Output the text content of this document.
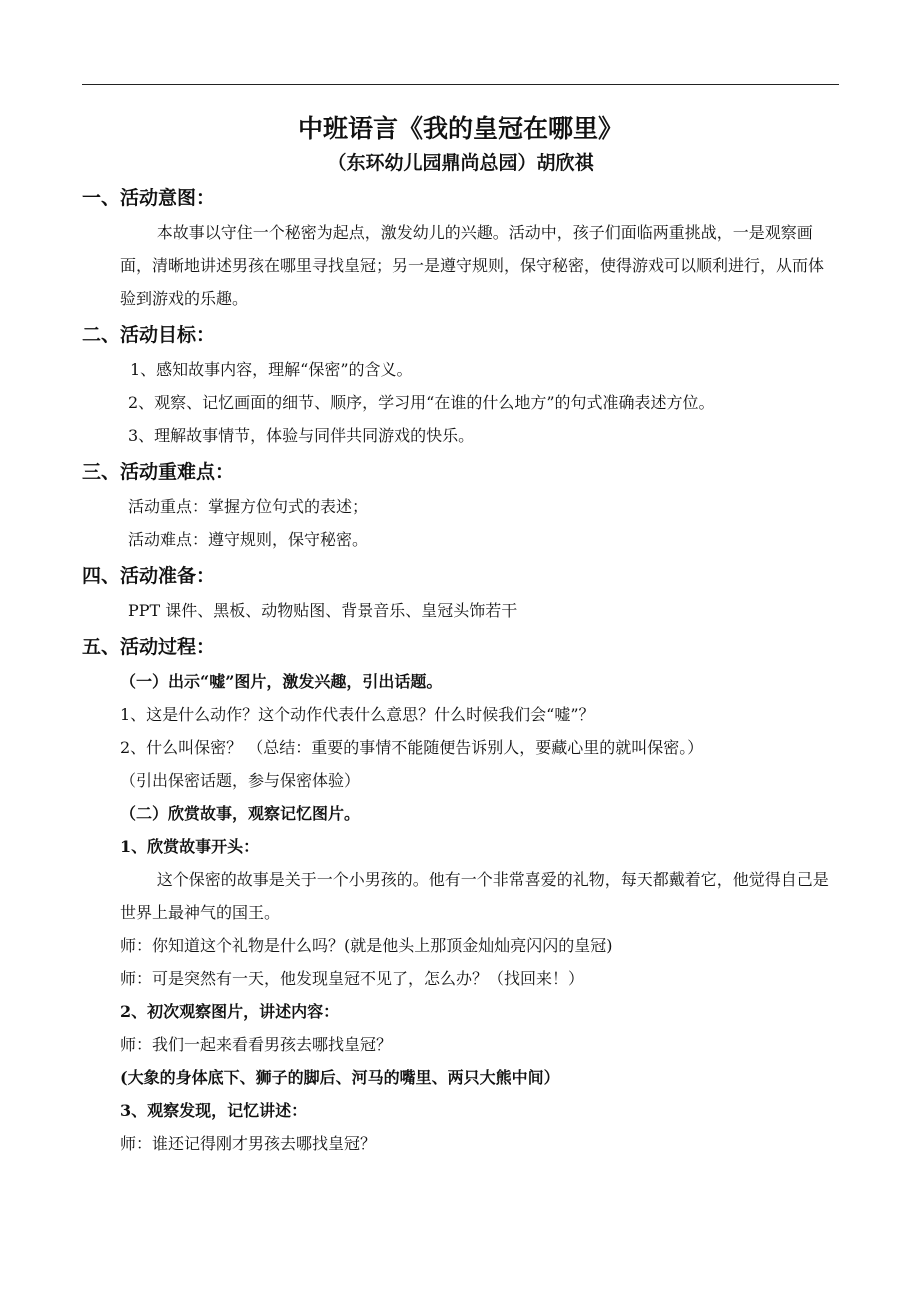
中班语言《我的皇冠在哪里》

（东环幼儿园鼎尚总园）胡欣祺

一、活动意图：

本故事以守住一个秘密为起点，激发幼儿的兴趣。活动中，孩子们面临两重挑战，一是观察画面，清晰地讲述男孩在哪里寻找皇冠；另一是遵守规则，保守秘密，使得游戏可以顺利进行，从而体验到游戏的乐趣。

二、活动目标：

1、感知故事内容，理解“保密”的含义。

2、观察、记忆画面的细节、顺序，学习用“在谁的什么地方”的句式准确表述方位。

3、理解故事情节，体验与同伴共同游戏的快乐。

三、活动重难点：

活动重点：掌握方位句式的表述；

活动难点：遵守规则，保守秘密。

四、活动准备：

PPT 课件、黑板、动物贴图、背景音乐、皇冠头饰若干

五、活动过程：

（一）出示“嘘”图片，激发兴趣，引出话题。

1、这是什么动作？这个动作代表什么意思？什么时候我们会“嘘”？

2、什么叫保密？ （总结：重要的事情不能随便告诉别人，要藏心里的就叫保密。）

（引出保密话题，参与保密体验）

（二）欣赏故事，观察记忆图片。

1、欣赏故事开头：

这个保密的故事是关于一个小男孩的。他有一个非常喜爱的礼物，每天都戴着它，他觉得自己是世界上最神气的国王。

师：你知道这个礼物是什么吗？(就是他头上那顶金灿灿亮闪闪的皇冠)

师：可是突然有一天，他发现皇冠不见了，怎么办？（找回来！）

2、初次观察图片，讲述内容：

师：我们一起来看看男孩去哪找皇冠？

(大象的身体底下、狮子的脚后、河马的嘴里、两只大熊中间）

3、观察发现，记忆讲述：

师：谁还记得刚才男孩去哪找皇冠？
